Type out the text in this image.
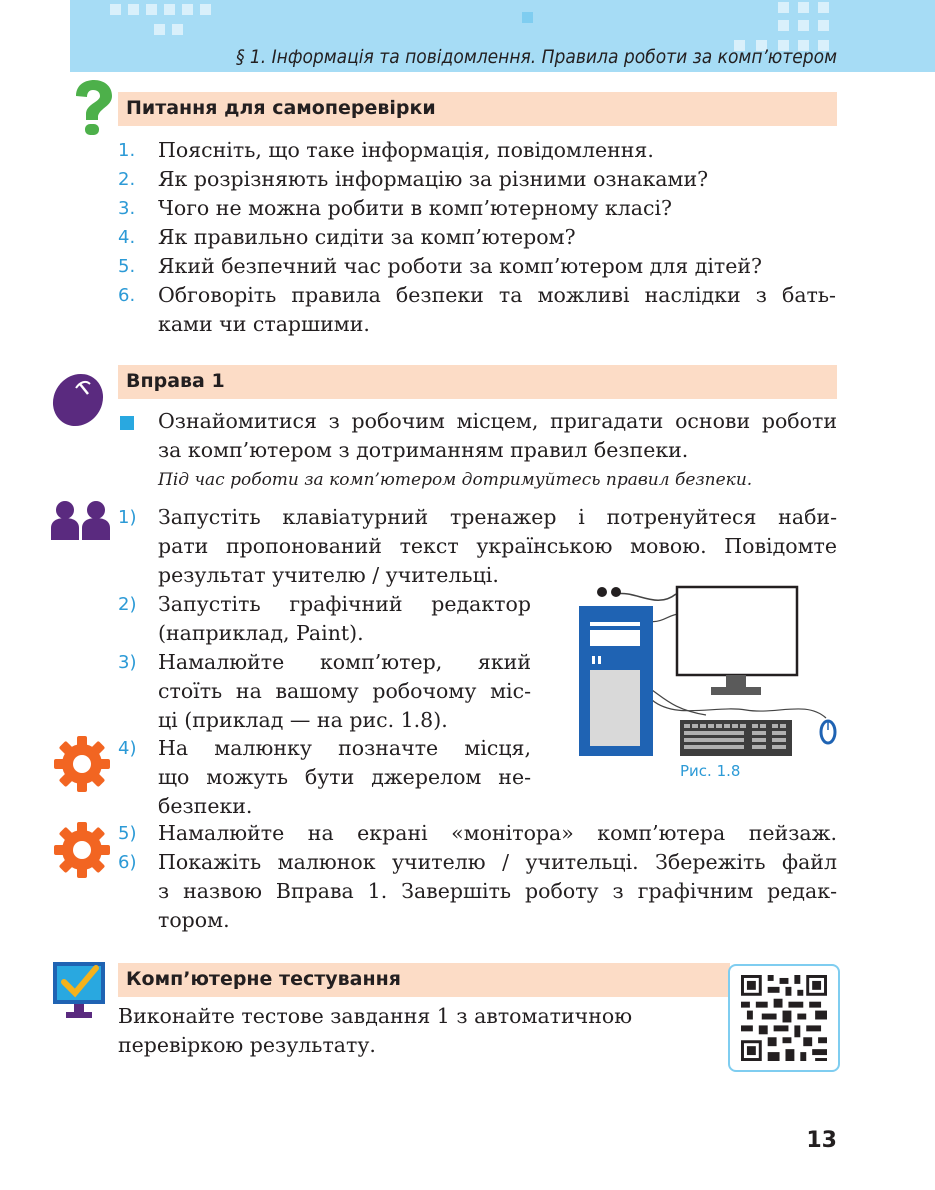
§ 1. Інформація та повідомлення. Правила роботи за комп’ютером
Питання для самоперевірки
1.	Поясніть, що таке інформація, повідомлення.
2.	Як розрізняють інформацію за різними ознаками?
3.	Чого не можна робити в комп’ютерному класі?
4.	Як правильно сидіти за комп’ютером?
5.	Який безпечний час роботи за комп’ютером для дітей?
6.	Обговоріть правила безпеки та можливі наслідки з бать-
ками чи старшими.
Вправа 1
Ознайомитися з робочим місцем, пригадати основи роботи
за комп’ютером з дотриманням правил безпеки.
Під час роботи за комп’ютером дотримуйтесь правил безпеки.
1)	Запустіть клавіатурний тренажер і потренуйтеся наби-
рати пропонований текст українською мовою. Повідомте
результат учителю / учительці.
2)	Запустіть графічний редактор
(наприклад, Paint).
3)	Намалюйте комп’ютер, який
стоїть на вашому робочому міс-
ці (приклад — на рис. 1.8).
4)	На малюнку позначте місця,
що можуть бути джерелом не-
безпеки.
5)	Намалюйте на екрані «монітора» комп’ютера пейзаж.
6)	Покажіть малюнок учителю / учительці. Збережіть файл
з назвою Вправа 1. Завершіть роботу з графічним редак-
тором.
Рис. 1.8
Комп’ютерне тестування
Виконайте тестове завдання 1 з автоматичною
перевіркою результату.
13
